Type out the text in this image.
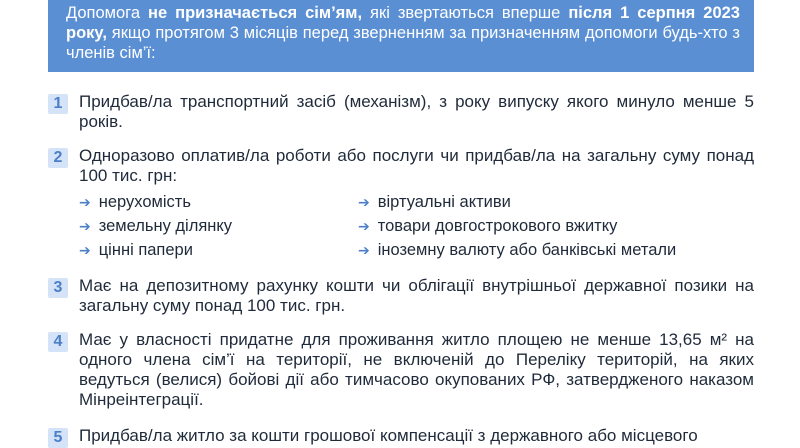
Допомога не призначається сім’ям, які звертаються вперше після 1 серпня 2023 року, якщо протягом 3 місяців перед зверненням за призначенням допомоги будь-хто з членів сім’ї:
1 Придбав/ла транспортний засіб (механізм), з року випуску якого минуло менше 5 років.
2 Одноразово оплатив/ла роботи або послуги чи придбав/ла на загальну суму понад 100 тис. грн:
➔ нерухомість
➔ земельну ділянку
➔ цінні папери
➔ віртуальні активи
➔ товари довгострокового вжитку
➔ іноземну валюту або банківські метали
3 Має на депозитному рахунку кошти чи облігації внутрішньої державної позики на загальну суму понад 100 тис. грн.
4 Має у власності придатне для проживання житло площею не менше 13,65 м² на одного члена сім’ї на території, не включеній до Переліку територій, на яких ведуться (велися) бойові дії або тимчасово окупованих РФ, затвердженого наказом Мінреінтеграції.
5 Придбав/ла житло за кошти грошової компенсації з державного або місцевого
